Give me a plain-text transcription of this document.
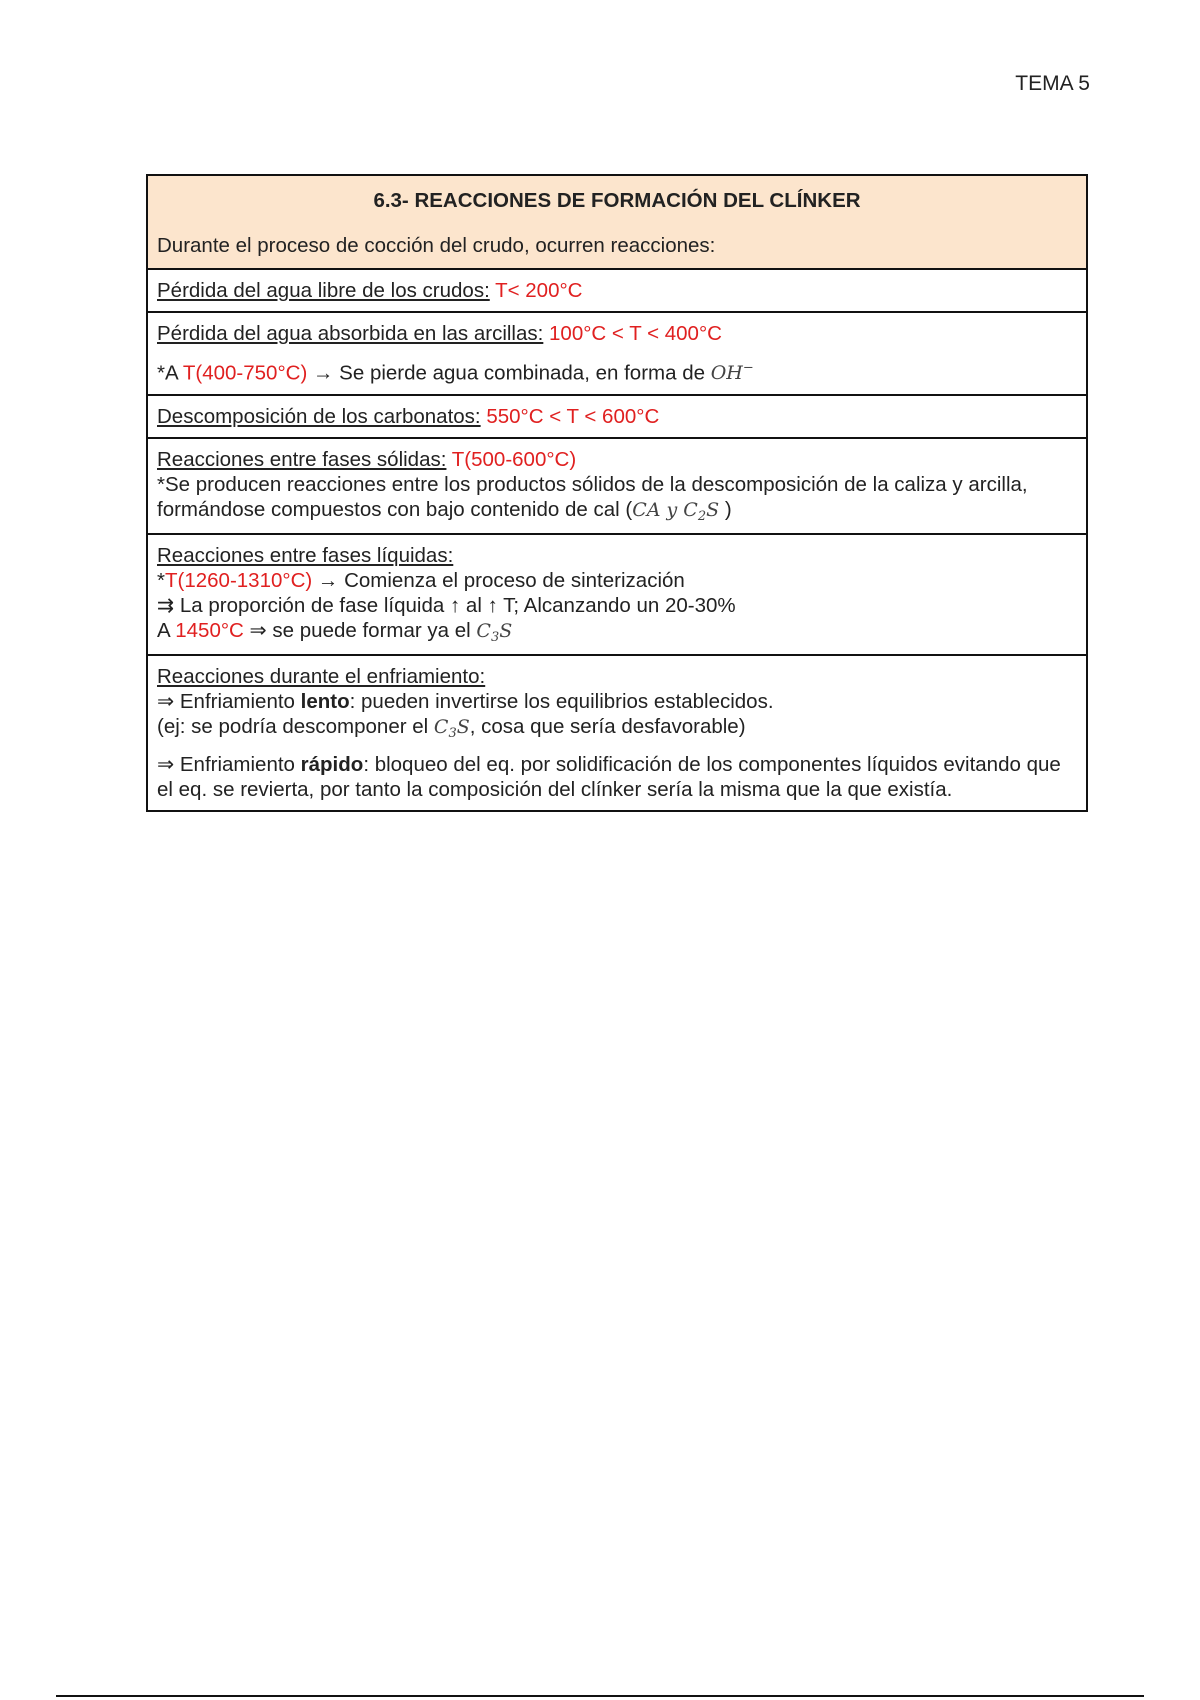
TEMA 5
6.3- REACCIONES DE FORMACIÓN DEL CLÍNKER
Durante el proceso de cocción del crudo, ocurren reacciones:
Pérdida del agua libre de los crudos: T< 200°C
Pérdida del agua absorbida en las arcillas: 100°C < T < 400°C
*A T(400-750°C) → Se pierde agua combinada, en forma de OH−
Descomposición de los carbonatos: 550°C < T < 600°C
Reacciones entre fases sólidas: T(500-600°C)
*Se producen reacciones entre los productos sólidos de la descomposición de la caliza y arcilla, formándose compuestos con bajo contenido de cal (CA y $C_2S$ )
Reacciones entre fases líquidas:
*T(1260-1310°C) → Comienza el proceso de sinterización
⇉ La proporción de fase líquida ↑ al ↑ T; Alcanzando un 20-30%
A 1450°C ⇒ se puede formar ya el $C_3S$
Reacciones durante el enfriamiento:
⇒ Enfriamiento lento: pueden invertirse los equilibrios establecidos.
(ej: se podría descomponer el $C_3S$, cosa que sería desfavorable)
⇒ Enfriamiento rápido: bloqueo del eq. por solidificación de los componentes líquidos evitando que el eq. se revierta, por tanto la composición del clínker sería la misma que la que existía.
